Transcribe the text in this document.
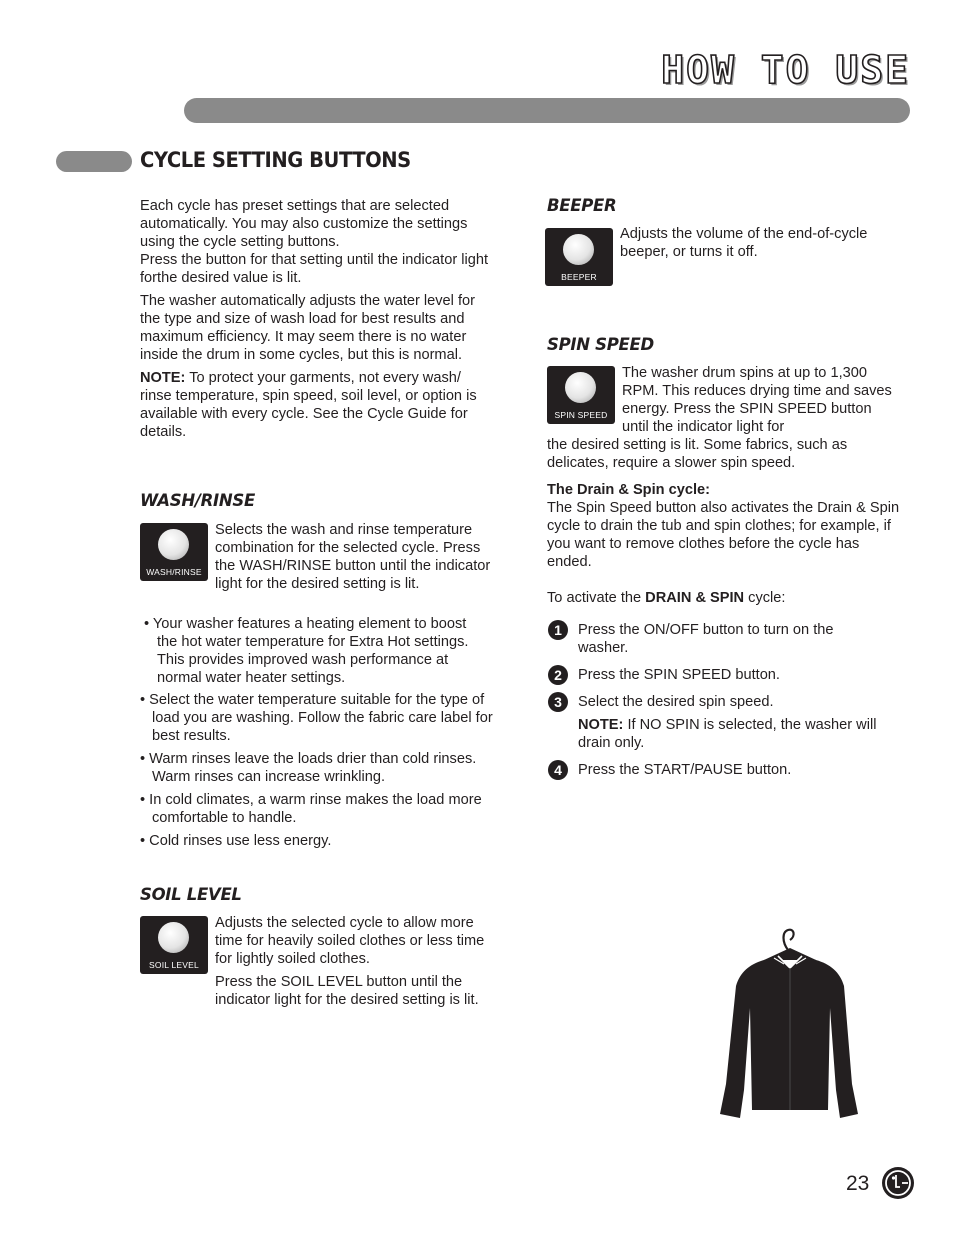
HOW TO USE
CYCLE SETTING BUTTONS

Each cycle has preset settings that are selected automatically. You may also customize the settings using the cycle setting buttons.

Press the button for that setting until the indicator light forthe desired value is lit.

The washer automatically adjusts the water level for the type and size of wash load for best results and maximum efficiency. It may seem there is no water inside the drum in some cycles, but this is normal.

NOTE: To protect your garments, not every wash/ rinse temperature, spin speed, soil level, or option is available with every cycle. See the Cycle Guide for details.

WASH/RINSE
WASH/RINSE

Selects the wash and rinse temperature combination for the selected cycle. Press the WASH/RINSE button until the indicator light for the desired setting is lit.

• Your washer features a heating element to boost the hot water temperature for Extra Hot settings. This provides improved wash performance at normal water heater settings.
• Select the water temperature suitable for the type of load you are washing. Follow the fabric care label for best results.
• Warm rinses leave the loads drier than cold rinses. Warm rinses can increase wrinkling.
• In cold climates, a warm rinse makes the load more comfortable to handle.
• Cold rinses use less energy.
SOIL LEVEL
SOIL LEVEL

Adjusts the selected cycle to allow more time for heavily soiled clothes or less time for lightly soiled clothes.

Press the SOIL LEVEL button until the indicator light for the desired setting is lit.

BEEPER
BEEPER

Adjusts the volume of the end-of-cycle beeper, or turns it off.

SPIN SPEED
SPIN SPEED

The washer drum spins at up to 1,300 RPM. This reduces drying time and saves energy. Press the SPIN SPEED button until the indicator light for

the desired setting is lit. Some fabrics, such as delicates, require a slower spin speed.

The Drain & Spin cycle:

The Spin Speed button also activates the Drain & Spin cycle to drain the tub and spin clothes; for example, if you want to remove clothes before the cycle has ended.

To activate the DRAIN & SPIN cycle:

1	Press the ON/OFF button to turn on the washer.

2	Press the SPIN SPEED button.

3	Select the desired spin speed.

NOTE: If NO SPIN is selected, the washer will drain only.

4	Press the START/PAUSE button.

23
